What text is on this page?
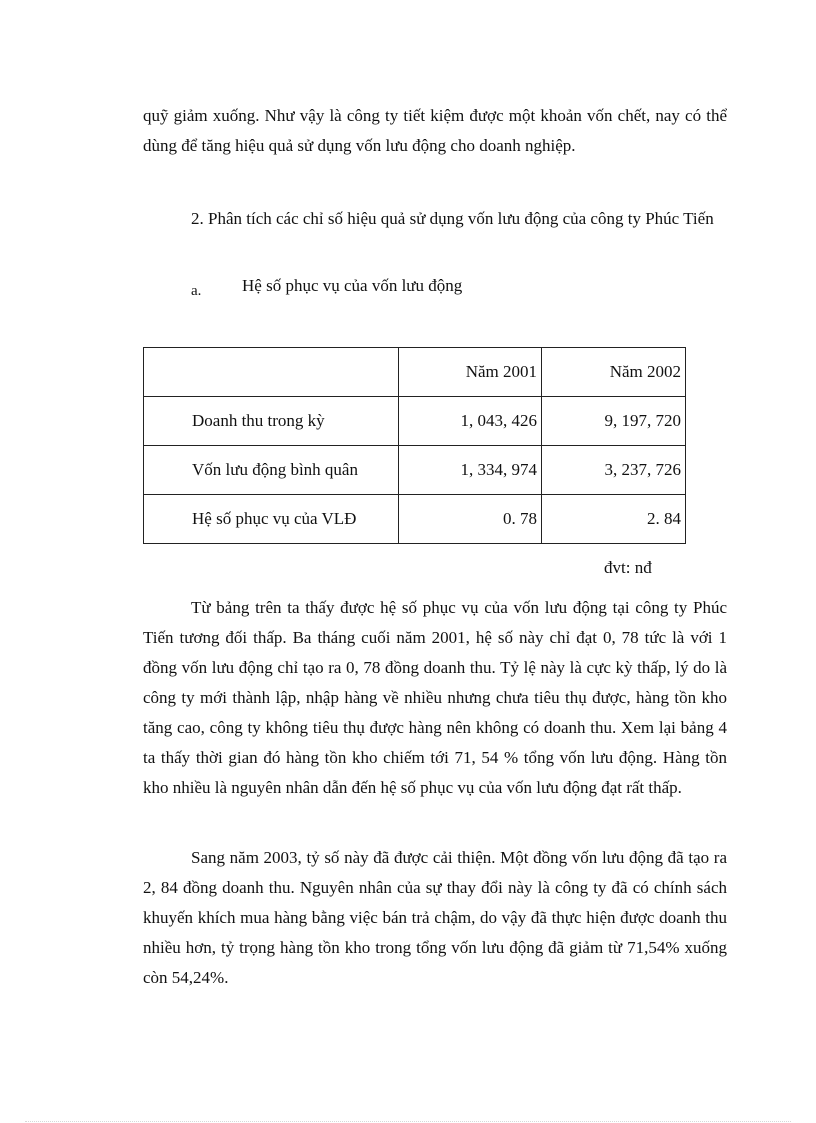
quỹ giảm xuống. Như vậy là công ty tiết kiệm được một khoản vốn chết, nay có thể dùng để tăng hiệu quả sử dụng vốn lưu động cho doanh nghiệp.

2. Phân tích các chỉ số hiệu quả sử dụng vốn lưu động của công ty Phúc Tiến

a. Hệ số phục vụ của vốn lưu động
	Năm 2001	Năm 2002
Doanh thu trong kỳ	1, 043, 426	9, 197, 720
Vốn lưu động bình quân	1, 334, 974	3, 237, 726
Hệ số phục vụ của VLĐ	0. 78	2. 84
đvt: nđ

Từ bảng trên ta thấy được hệ số phục vụ của vốn lưu động tại công ty Phúc Tiến tương đối thấp. Ba tháng cuối năm 2001, hệ số này chỉ đạt 0, 78 tức là với 1 đồng vốn lưu động chỉ tạo ra 0, 78 đồng doanh thu. Tỷ lệ này là cực kỳ thấp, lý do là công ty mới thành lập, nhập hàng về nhiều nhưng chưa tiêu thụ được, hàng tồn kho tăng cao, công ty không tiêu thụ được hàng nên không có doanh thu. Xem lại bảng 4 ta thấy thời gian đó hàng tồn kho chiếm tới 71, 54 % tổng vốn lưu động. Hàng tồn kho nhiều là nguyên nhân dẫn đến hệ số phục vụ của vốn lưu động đạt rất thấp.

Sang năm 2003, tỷ số này đã được cải thiện. Một đồng vốn lưu động đã tạo ra 2, 84 đồng doanh thu. Nguyên nhân của sự thay đổi này là công ty đã có chính sách khuyến khích mua hàng bằng việc bán trả chậm, do vậy đã thực hiện được doanh thu nhiều hơn, tỷ trọng hàng tồn kho trong tổng vốn lưu động đã giảm từ 71,54% xuống còn 54,24%.
